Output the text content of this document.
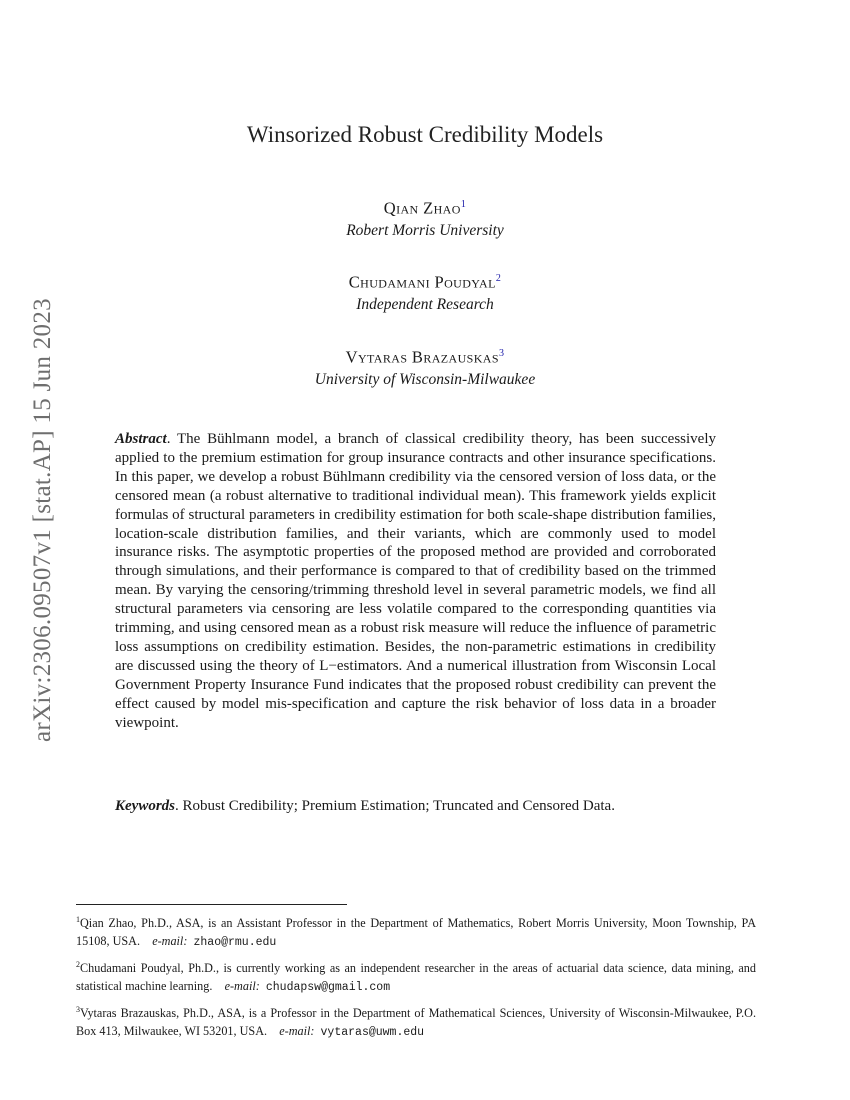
arXiv:2306.09507v1 [stat.AP] 15 Jun 2023
Winsorized Robust Credibility Models
Qian Zhao$^1$
Robert Morris University
Chudamani Poudyal$^2$
Independent Research
Vytaras Brazauskas$^3$
University of Wisconsin-Milwaukee
Abstract. The Bühlmann model, a branch of classical credibility theory, has been successively applied to the premium estimation for group insurance contracts and other insurance specifications. In this paper, we develop a robust Bühlmann credibility via the censored version of loss data, or the censored mean (a robust alternative to traditional individual mean). This framework yields explicit formulas of structural parameters in credibility estimation for both scale-shape distribution families, location-scale distribution families, and their variants, which are commonly used to model insurance risks. The asymptotic properties of the proposed method are provided and corroborated through simulations, and their performance is compared to that of credibility based on the trimmed mean. By varying the censoring/trimming threshold level in several parametric models, we find all structural parameters via censoring are less volatile compared to the corresponding quantities via trimming, and using censored mean as a robust risk measure will reduce the influence of parametric loss assumptions on credibility estimation. Besides, the non-parametric estimations in credibility are discussed using the theory of L−estimators. And a numerical illustration from Wisconsin Local Government Property Insurance Fund indicates that the proposed robust credibility can prevent the effect caused by model mis-specification and capture the risk behavior of loss data in a broader viewpoint.
Keywords. Robust Credibility; Premium Estimation; Truncated and Censored Data.

$^1$Qian Zhao, Ph.D., ASA, is an Assistant Professor in the Department of Mathematics, Robert Morris University, Moon Township, PA 15108, USA. e-mail: zhao@rmu.edu

$^2$Chudamani Poudyal, Ph.D., is currently working as an independent researcher in the areas of actuarial data science, data mining, and statistical machine learning. e-mail: chudapsw@gmail.com

$^3$Vytaras Brazauskas, Ph.D., ASA, is a Professor in the Department of Mathematical Sciences, University of Wisconsin-Milwaukee, P.O. Box 413, Milwaukee, WI 53201, USA. e-mail: vytaras@uwm.edu
